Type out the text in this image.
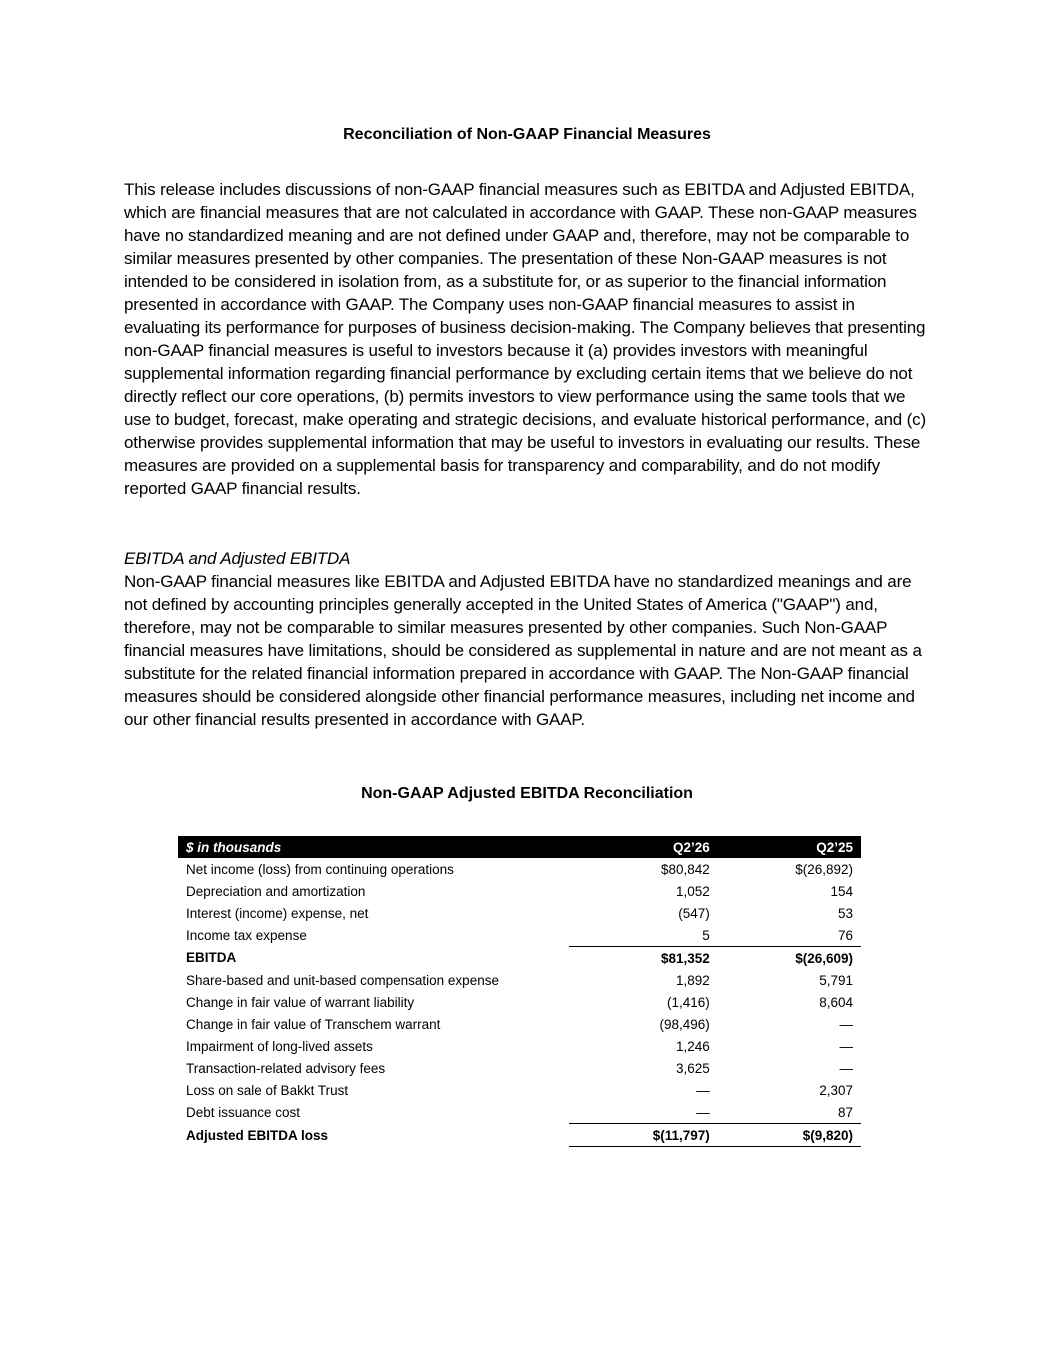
Reconciliation of Non-GAAP Financial Measures

This release includes discussions of non-GAAP financial measures such as EBITDA and Adjusted EBITDA, which are financial measures that are not calculated in accordance with GAAP. These non-GAAP measures have no standardized meaning and are not defined under GAAP and, therefore, may not be comparable to similar measures presented by other companies. The presentation of these Non-GAAP measures is not intended to be considered in isolation from, as a substitute for, or as superior to the financial information presented in accordance with GAAP. The Company uses non-GAAP financial measures to assist in evaluating its performance for purposes of business decision-making. The Company believes that presenting non-GAAP financial measures is useful to investors because it (a) provides investors with meaningful supplemental information regarding financial performance by excluding certain items that we believe do not directly reflect our core operations, (b) permits investors to view performance using the same tools that we use to budget, forecast, make operating and strategic decisions, and evaluate historical performance, and (c) otherwise provides supplemental information that may be useful to investors in evaluating our results. These measures are provided on a supplemental basis for transparency and comparability, and do not modify reported GAAP financial results.

EBITDA and Adjusted EBITDA

Non-GAAP financial measures like EBITDA and Adjusted EBITDA have no standardized meanings and are not defined by accounting principles generally accepted in the United States of America ("GAAP") and, therefore, may not be comparable to similar measures presented by other companies. Such Non-GAAP financial measures have limitations, should be considered as supplemental in nature and are not meant as a substitute for the related financial information prepared in accordance with GAAP. The Non-GAAP financial measures should be considered alongside other financial performance measures, including net income and our other financial results presented in accordance with GAAP.

Non-GAAP Adjusted EBITDA Reconciliation
$ in thousands	Q2’26	Q2’25
Net income (loss) from continuing operations	$80,842	$(26,892)
Depreciation and amortization	1,052	154
Interest (income) expense, net	(547)	53
Income tax expense	5	76
EBITDA	$81,352	$(26,609)
Share-based and unit-based compensation expense	1,892	5,791
Change in fair value of warrant liability	(1,416)	8,604
Change in fair value of Transchem warrant	(98,496)	—
Impairment of long-lived assets	1,246	—
Transaction-related advisory fees	3,625	—
Loss on sale of Bakkt Trust	—	2,307
Debt issuance cost	—	87
Adjusted EBITDA loss	$(11,797)	$(9,820)
